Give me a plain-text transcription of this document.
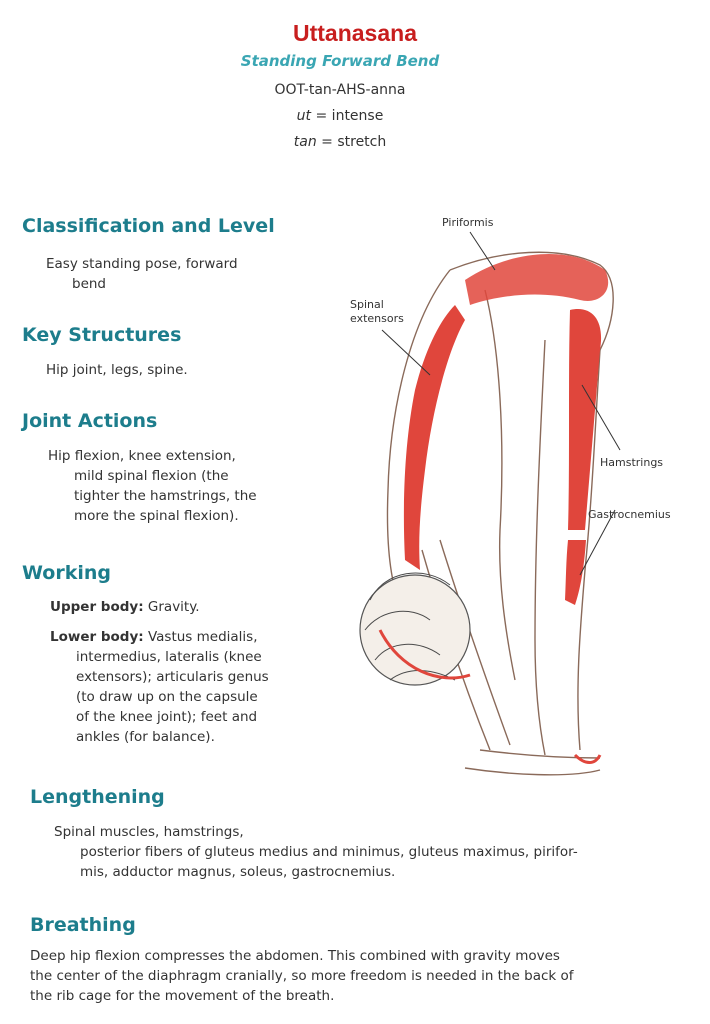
Uttanasana
Standing Forward Bend
OOT-tan-AHS-anna
ut = intense
tan = stretch
Classification and Level
Easy standing pose, forward
bend
Key Structures
Hip joint, legs, spine.
Joint Actions
Hip flexion, knee extension,
mild spinal flexion (the
tighter the hamstrings, the
more the spinal flexion).
Working
Upper body: Gravity.
Lower body: Vastus medialis,
intermedius, lateralis (knee
extensors); articularis genus
(to draw up on the capsule
of the knee joint); feet and
ankles (for balance).
Lengthening
Spinal muscles, hamstrings,
posterior fibers of gluteus medius and minimus, gluteus maximus, pirifor-
mis, adductor magnus, soleus, gastrocnemius.
Breathing
Deep hip flexion compresses the abdomen. This combined with gravity moves
the center of the diaphragm cranially, so more freedom is needed in the back of
the rib cage for the movement of the breath.
Piriformis
Spinal
extensors
Hamstrings
Gastrocnemius
